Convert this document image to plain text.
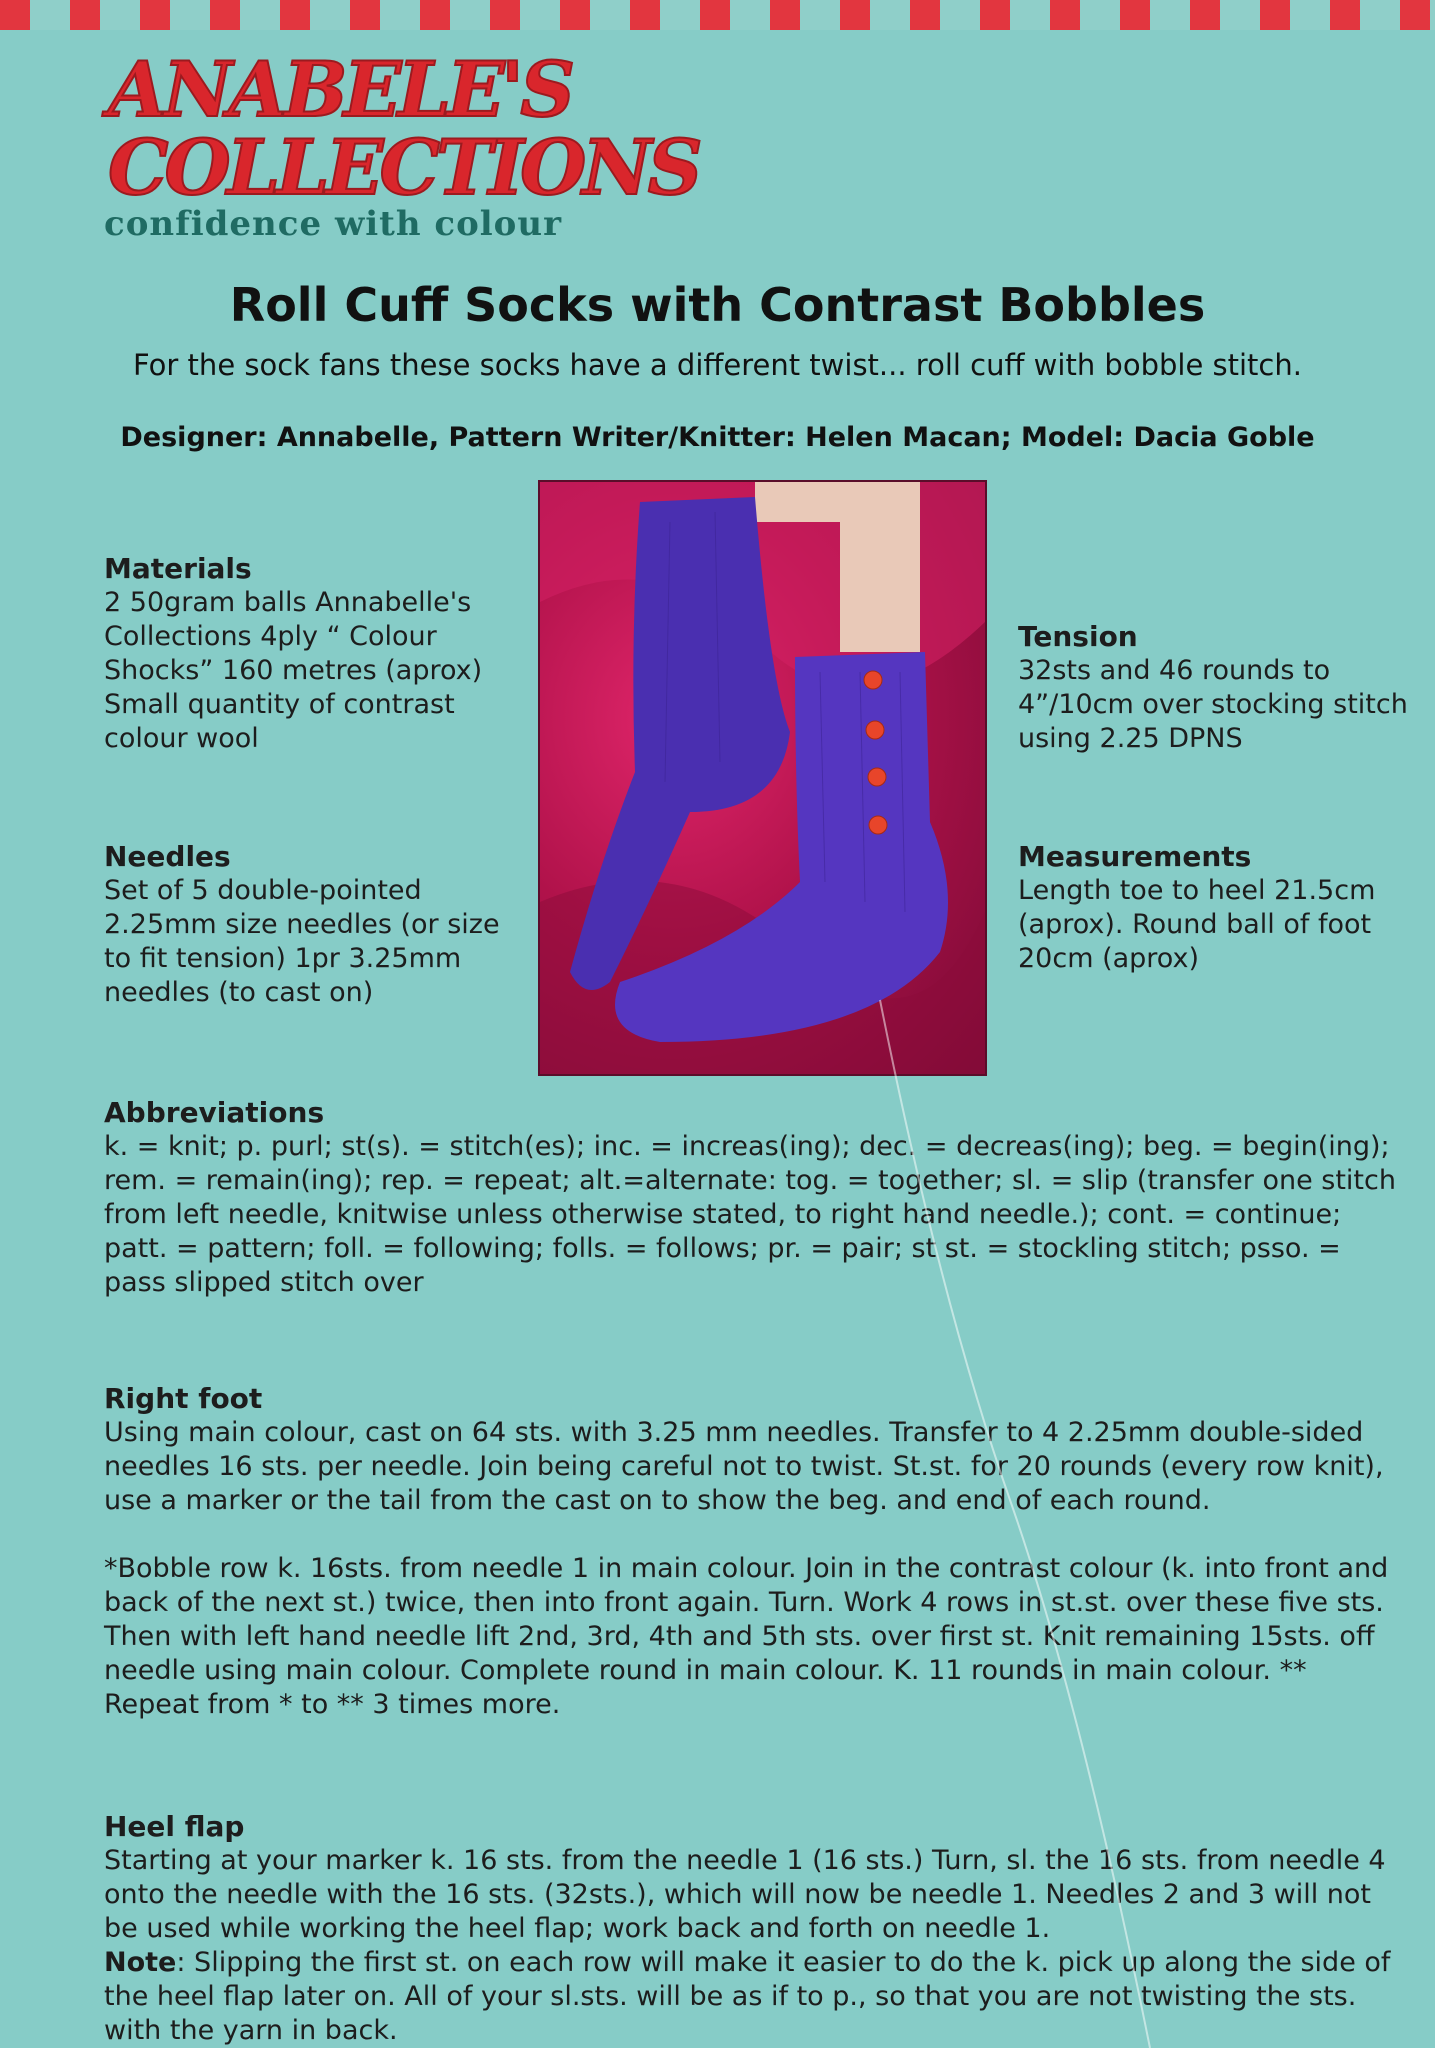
ANABELE'S
COLLECTIONS
confidence with colour
Roll Cuff Socks with Contrast Bobbles
For the sock fans these socks have a different twist... roll cuff with bobble stitch.
Designer: Annabelle, Pattern Writer/Knitter: Helen Macan; Model: Dacia Goble
Materials

2 50gram balls Annabelle's Collections 4ply “ Colour Shocks” 160 metres (aprox) Small quantity of contrast colour wool

Needles

Set of 5 double-pointed 2.25mm size needles (or size to fit tension) 1pr 3.25mm needles (to cast on)

Tension

32sts and 46 rounds to 4”/10cm over stocking stitch using 2.25 DPNS

Measurements

Length toe to heel 21.5cm (aprox). Round ball of foot 20cm (aprox)

Abbreviations

k. = knit; p. purl; st(s). = stitch(es); inc. = increas(ing); dec. = decreas(ing); beg. = begin(ing); rem. = remain(ing); rep. = repeat; alt.=alternate: tog. = together; sl. = slip (transfer one stitch from left needle, knitwise unless otherwise stated, to right hand needle.); cont. = continue; patt. = pattern; foll. = following; folls. = follows; pr. = pair; st st. = stockling stitch; psso. = pass slipped stitch over

Right foot

Using main colour, cast on 64 sts. with 3.25 mm needles. Transfer to 4 2.25mm double-sided needles 16 sts. per needle. Join being careful not to twist. St.st. for 20 rounds (every row knit), use a marker or the tail from the cast on to show the beg. and end of each round.

*Bobble row k. 16sts. from needle 1 in main colour. Join in the contrast colour (k. into front and back of the next st.) twice, then into front again. Turn. Work 4 rows in st.st. over these five sts. Then with left hand needle lift 2nd, 3rd, 4th and 5th sts. over first st. Knit remaining 15sts. off needle using main colour. Complete round in main colour. K. 11 rounds in main colour. ** Repeat from * to ** 3 times more.

Heel flap

Starting at your marker k. 16 sts. from the needle 1 (16 sts.) Turn, sl. the 16 sts. from needle 4 onto the needle with the 16 sts. (32sts.), which will now be needle 1. Needles 2 and 3 will not be used while working the heel flap; work back and forth on needle 1.

Note: Slipping the first st. on each row will make it easier to do the k. pick up along the side of the heel flap later on. All of your sl.sts. will be as if to p., so that you are not twisting the sts. with the yarn in back.
